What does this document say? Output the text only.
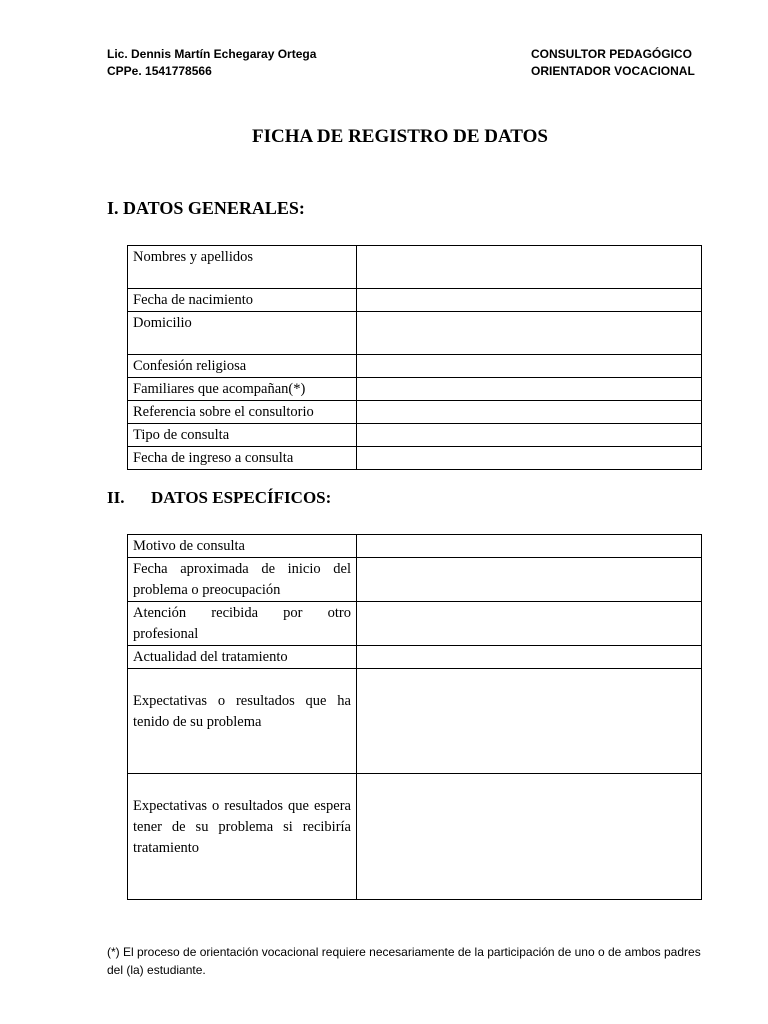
Lic. Dennis Martín Echegaray Ortega
CPPe. 1541778566
CONSULTOR PEDAGÓGICO
ORIENTADOR VOCACIONAL
FICHA DE REGISTRO DE DATOS
I. DATOS GENERALES:
Nombres y apellidos	
Fecha de nacimiento	
Domicilio	
Confesión religiosa	
Familiares que acompañan(*)	
Referencia sobre el consultorio	
Tipo de consulta	
Fecha de ingreso a consulta	
II. DATOS ESPECÍFICOS:
Motivo de consulta	
Fecha aproximada de inicio del problema o preocupación	
Atención recibida por otro profesional	
Actualidad del tratamiento	
Expectativas o resultados que ha tenido de su problema	
Expectativas o resultados que espera tener de su problema si recibiría tratamiento	
(*) El proceso de orientación vocacional requiere necesariamente de la participación de uno o de ambos padres del (la) estudiante.
